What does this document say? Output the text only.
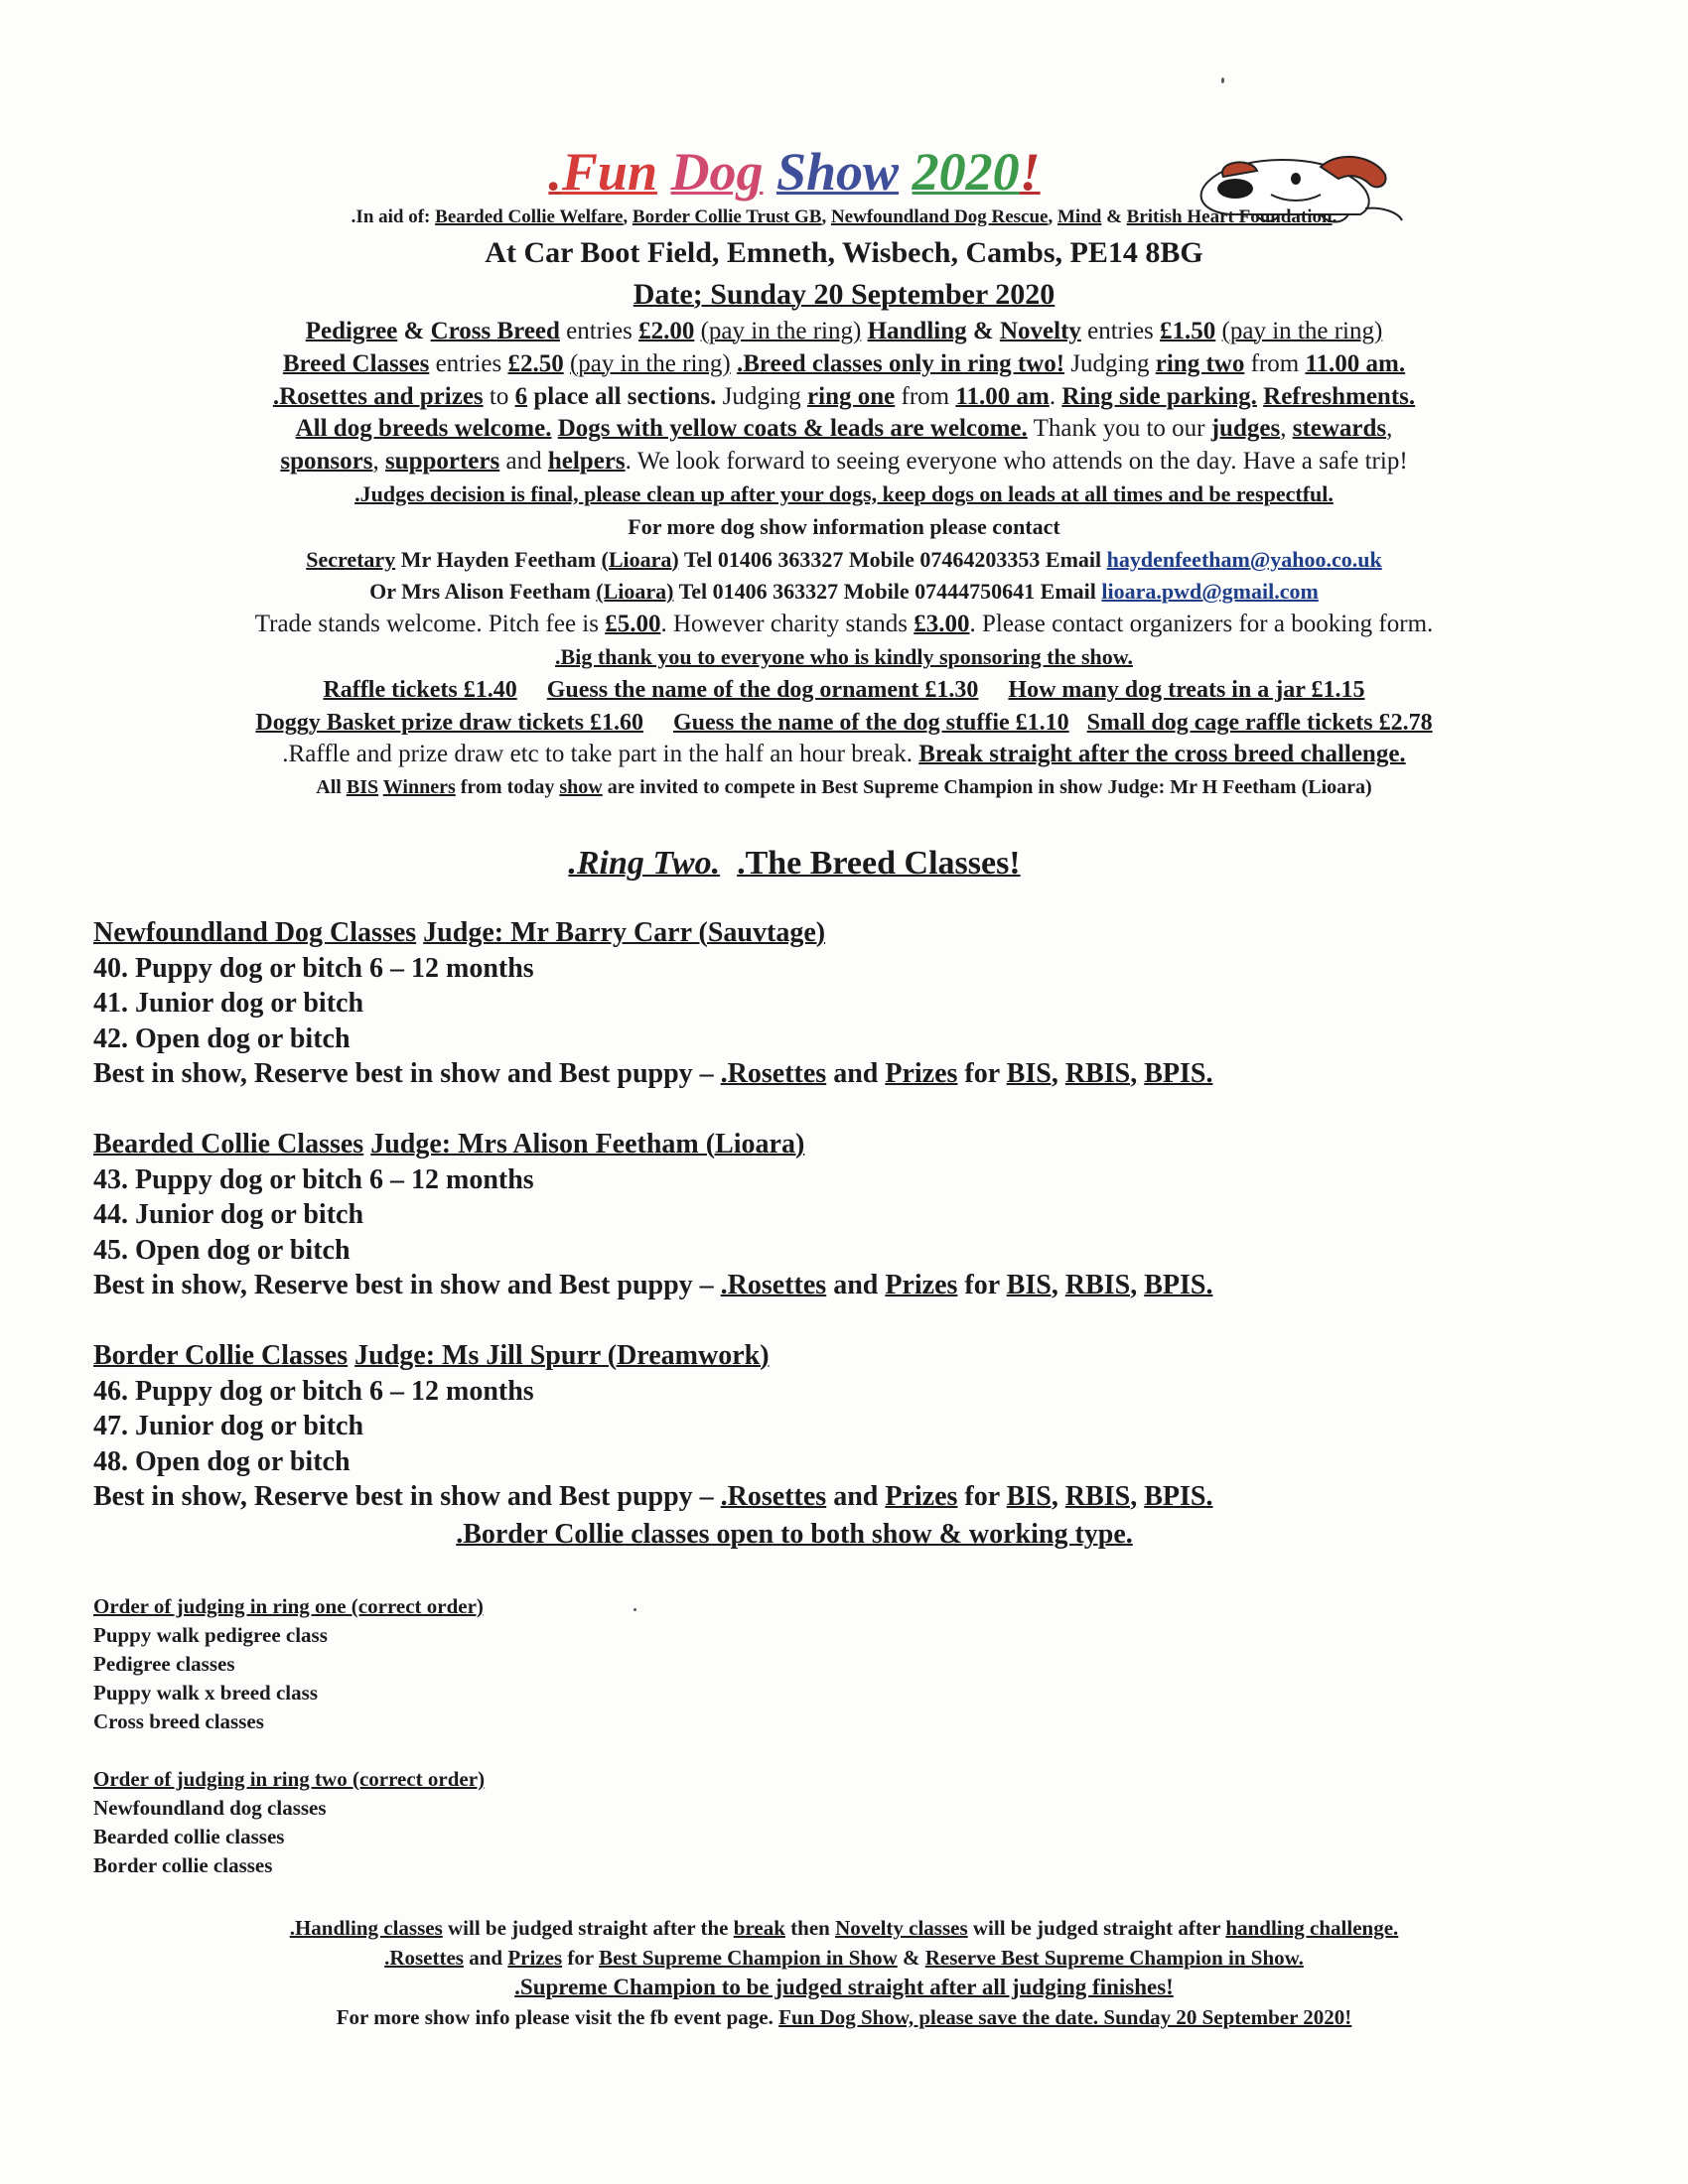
.Fun Dog Show 2020!
.In aid of: Bearded Collie Welfare, Border Collie Trust GB, Newfoundland Dog Rescue, Mind & British Heart Foundation.
At Car Boot Field, Emneth, Wisbech, Cambs, PE14 8BG
Date; Sunday 20 September 2020
Pedigree & Cross Breed entries £2.00 (pay in the ring) Handling & Novelty entries £1.50 (pay in the ring)
Breed Classes entries £2.50 (pay in the ring) .Breed classes only in ring two! Judging ring two from 11.00 am.
.Rosettes and prizes to 6 place all sections. Judging ring one from 11.00 am. Ring side parking. Refreshments.
All dog breeds welcome. Dogs with yellow coats & leads are welcome. Thank you to our judges, stewards,
sponsors, supporters and helpers. We look forward to seeing everyone who attends on the day. Have a safe trip!
.Judges decision is final, please clean up after your dogs, keep dogs on leads at all times and be respectful.
For more dog show information please contact
Secretary Mr Hayden Feetham (Lioara) Tel 01406 363327 Mobile 07464203353 Email haydenfeetham@yahoo.co.uk
Or Mrs Alison Feetham (Lioara) Tel 01406 363327 Mobile 07444750641 Email lioara.pwd@gmail.com
Trade stands welcome. Pitch fee is £5.00. However charity stands £3.00. Please contact organizers for a booking form.
.Big thank you to everyone who is kindly sponsoring the show.
Raffle tickets £1.40 Guess the name of the dog ornament £1.30 How many dog treats in a jar £1.15
Doggy Basket prize draw tickets £1.60 Guess the name of the dog stuffie £1.10 Small dog cage raffle tickets £2.78
.Raffle and prize draw etc to take part in the half an hour break. Break straight after the cross breed challenge.
All BIS Winners from today show are invited to compete in Best Supreme Champion in show Judge: Mr H Feetham (Lioara)
.Ring Two. .The Breed Classes!
Newfoundland Dog Classes Judge: Mr Barry Carr (Sauvtage)
40. Puppy dog or bitch 6 – 12 months
41. Junior dog or bitch
42. Open dog or bitch
Best in show, Reserve best in show and Best puppy – .Rosettes and Prizes for BIS, RBIS, BPIS.
Bearded Collie Classes Judge: Mrs Alison Feetham (Lioara)
43. Puppy dog or bitch 6 – 12 months
44. Junior dog or bitch
45. Open dog or bitch
Best in show, Reserve best in show and Best puppy – .Rosettes and Prizes for BIS, RBIS, BPIS.
Border Collie Classes Judge: Ms Jill Spurr (Dreamwork)
46. Puppy dog or bitch 6 – 12 months
47. Junior dog or bitch
48. Open dog or bitch
Best in show, Reserve best in show and Best puppy – .Rosettes and Prizes for BIS, RBIS, BPIS.
.Border Collie classes open to both show & working type.
Order of judging in ring one (correct order)
Puppy walk pedigree class
Pedigree classes
Puppy walk x breed class
Cross breed classes
Order of judging in ring two (correct order)
Newfoundland dog classes
Bearded collie classes
Border collie classes
.Handling classes will be judged straight after the break then Novelty classes will be judged straight after handling challenge.
.Rosettes and Prizes for Best Supreme Champion in Show & Reserve Best Supreme Champion in Show.
.Supreme Champion to be judged straight after all judging finishes!
For more show info please visit the fb event page. Fun Dog Show, please save the date. Sunday 20 September 2020!
